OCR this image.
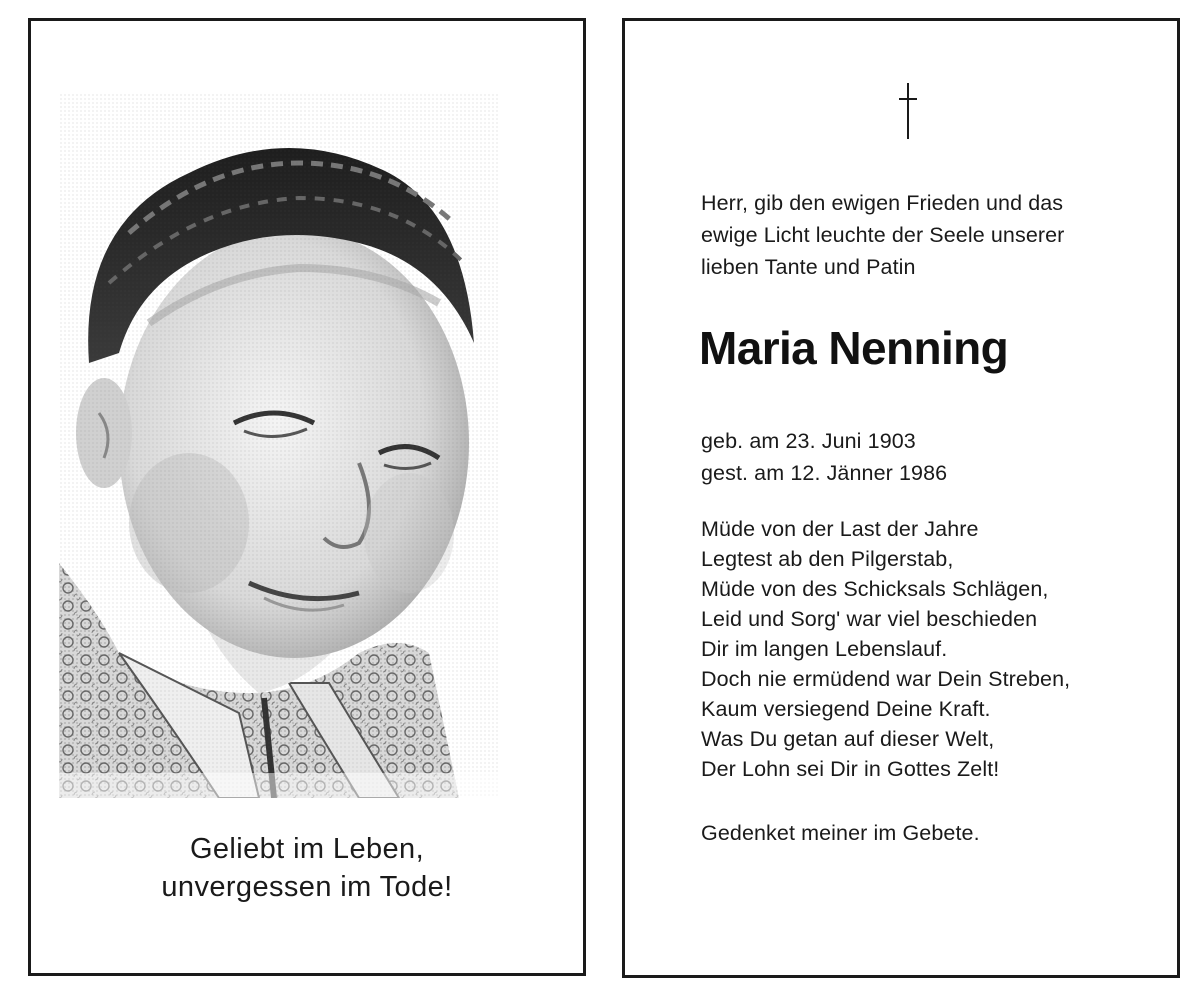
Geliebt im Leben,
unvergessen im Tode!
Herr, gib den ewigen Frieden und das
ewige Licht leuchte der Seele unserer
lieben Tante und Patin
Maria Nenning
geb. am 23. Juni 1903
gest. am 12. Jänner 1986
Müde von der Last der Jahre
Legtest ab den Pilgerstab,
Müde von des Schicksals Schlägen,
Leid und Sorg' war viel beschieden
Dir im langen Lebenslauf.
Doch nie ermüdend war Dein Streben,
Kaum versiegend Deine Kraft.
Was Du getan auf dieser Welt,
Der Lohn sei Dir in Gottes Zelt!
Gedenket meiner im Gebete.
